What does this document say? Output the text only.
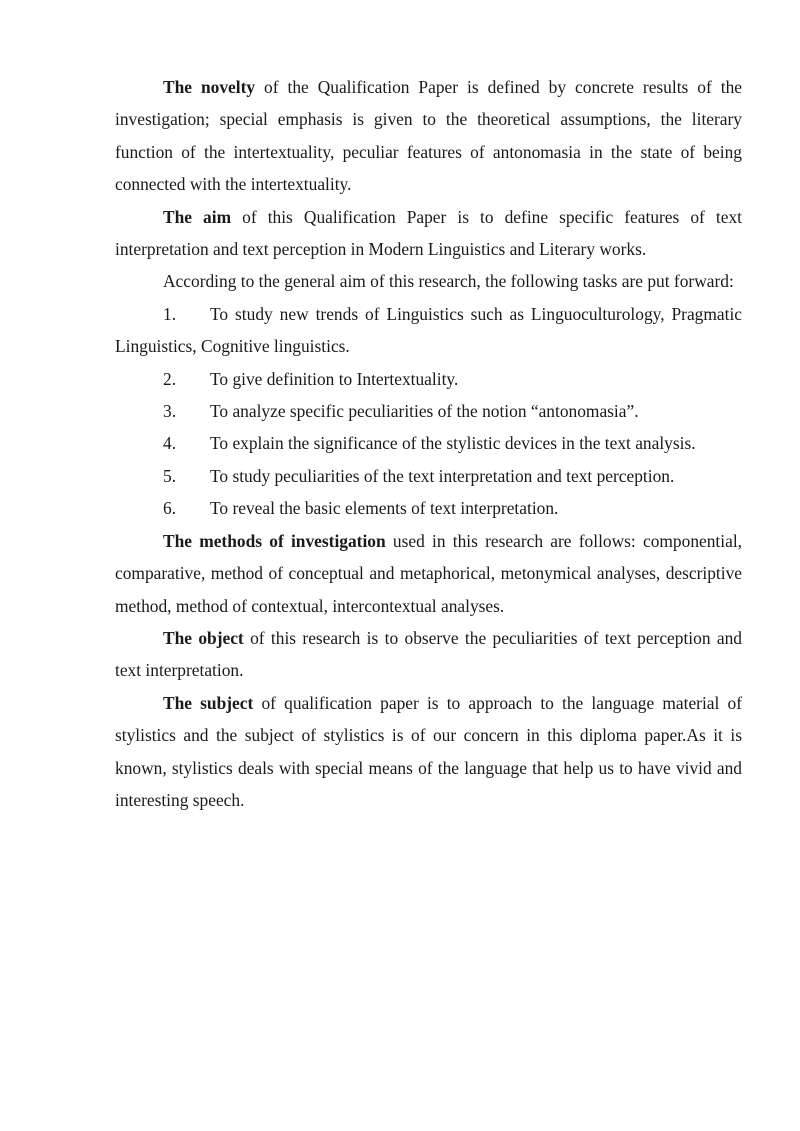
The novelty of the Qualification Paper is defined by concrete results of the investigation; special emphasis is given to the theoretical assumptions, the literary function of the intertextuality, peculiar features of antonomasia in the state of being connected with the intertextuality.

The aim of this Qualification Paper is to define specific features of text interpretation and text perception in Modern Linguistics and Literary works.

According to the general aim of this research, the following tasks are put forward:

1. To study new trends of Linguistics such as Linguoculturology, Pragmatic Linguistics, Cognitive linguistics.

2. To give definition to Intertextuality.

3. To analyze specific peculiarities of the notion “antonomasia”.

4. To explain the significance of the stylistic devices in the text analysis.

5. To study peculiarities of the text interpretation and text perception.

6. To reveal the basic elements of text interpretation.

The methods of investigation used in this research are follows: componential, comparative, method of conceptual and metaphorical, metonymical analyses, descriptive method, method of contextual, intercontextual analyses.

The object of this research is to observe the peculiarities of text perception and text interpretation.

The subject of qualification paper is to approach to the language material of stylistics and the subject of stylistics is of our concern in this diploma paper.As it is known, stylistics deals with special means of the language that help us to have vivid and interesting speech.
